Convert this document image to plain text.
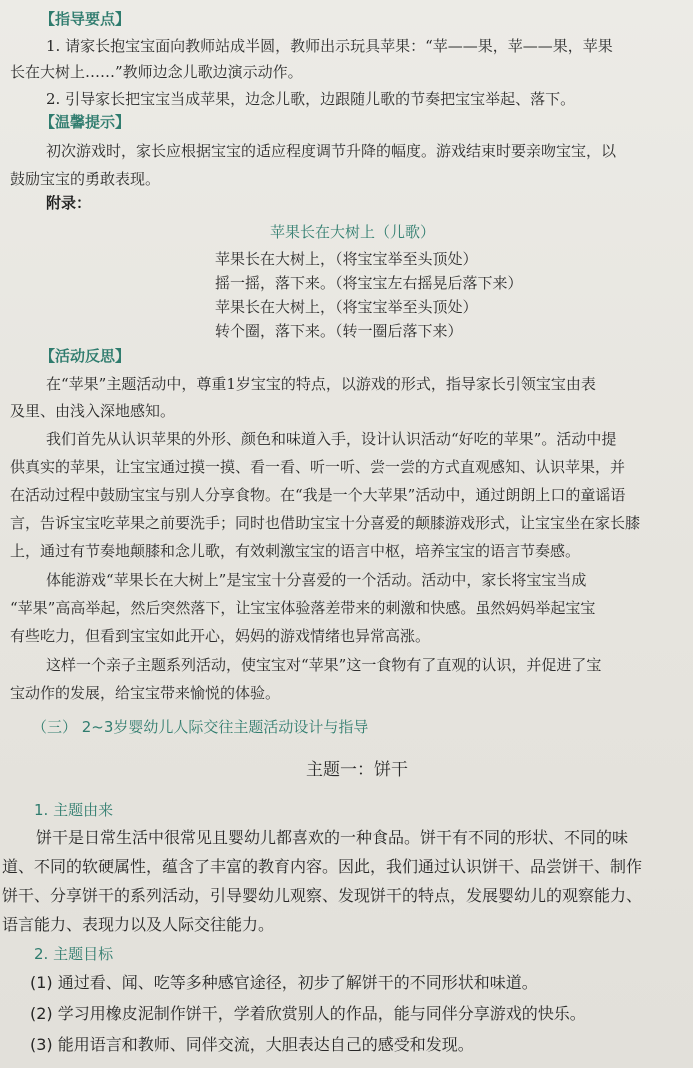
【指导要点】
1. 请家长抱宝宝面向教师站成半圆，教师出示玩具苹果：“苹——果，苹——果，苹果
长在大树上……”教师边念儿歌边演示动作。
2. 引导家长把宝宝当成苹果，边念儿歌，边跟随儿歌的节奏把宝宝举起、落下。
【温馨提示】
初次游戏时，家长应根据宝宝的适应程度调节升降的幅度。游戏结束时要亲吻宝宝，以
鼓励宝宝的勇敢表现。
附录：
苹果长在大树上（儿歌）
苹果长在大树上，（将宝宝举至头顶处）
摇一摇，落下来。（将宝宝左右摇晃后落下来）
苹果长在大树上，（将宝宝举至头顶处）
转个圈，落下来。（转一圈后落下来）
【活动反思】
在“苹果”主题活动中，尊重1岁宝宝的特点，以游戏的形式，指导家长引领宝宝由表
及里、由浅入深地感知。
我们首先从认识苹果的外形、颜色和味道入手，设计认识活动“好吃的苹果”。活动中提
供真实的苹果，让宝宝通过摸一摸、看一看、听一听、尝一尝的方式直观感知、认识苹果，并
在活动过程中鼓励宝宝与别人分享食物。在“我是一个大苹果”活动中，通过朗朗上口的童谣语
言，告诉宝宝吃苹果之前要洗手；同时也借助宝宝十分喜爱的颠膝游戏形式，让宝宝坐在家长膝
上，通过有节奏地颠膝和念儿歌，有效刺激宝宝的语言中枢，培养宝宝的语言节奏感。
体能游戏“苹果长在大树上”是宝宝十分喜爱的一个活动。活动中，家长将宝宝当成
“苹果”高高举起，然后突然落下，让宝宝体验落差带来的刺激和快感。虽然妈妈举起宝宝
有些吃力，但看到宝宝如此开心，妈妈的游戏情绪也异常高涨。
这样一个亲子主题系列活动，使宝宝对“苹果”这一食物有了直观的认识，并促进了宝
宝动作的发展，给宝宝带来愉悦的体验。
（三） 2~3岁婴幼儿人际交往主题活动设计与指导
主题一：饼干
1. 主题由来
饼干是日常生活中很常见且婴幼儿都喜欢的一种食品。饼干有不同的形状、不同的味
道、不同的软硬属性，蕴含了丰富的教育内容。因此，我们通过认识饼干、品尝饼干、制作
饼干、分享饼干的系列活动，引导婴幼儿观察、发现饼干的特点，发展婴幼儿的观察能力、
语言能力、表现力以及人际交往能力。
2. 主题目标
(1) 通过看、闻、吃等多种感官途径，初步了解饼干的不同形状和味道。
(2) 学习用橡皮泥制作饼干，学着欣赏别人的作品，能与同伴分享游戏的快乐。
(3) 能用语言和教师、同伴交流，大胆表达自己的感受和发现。
